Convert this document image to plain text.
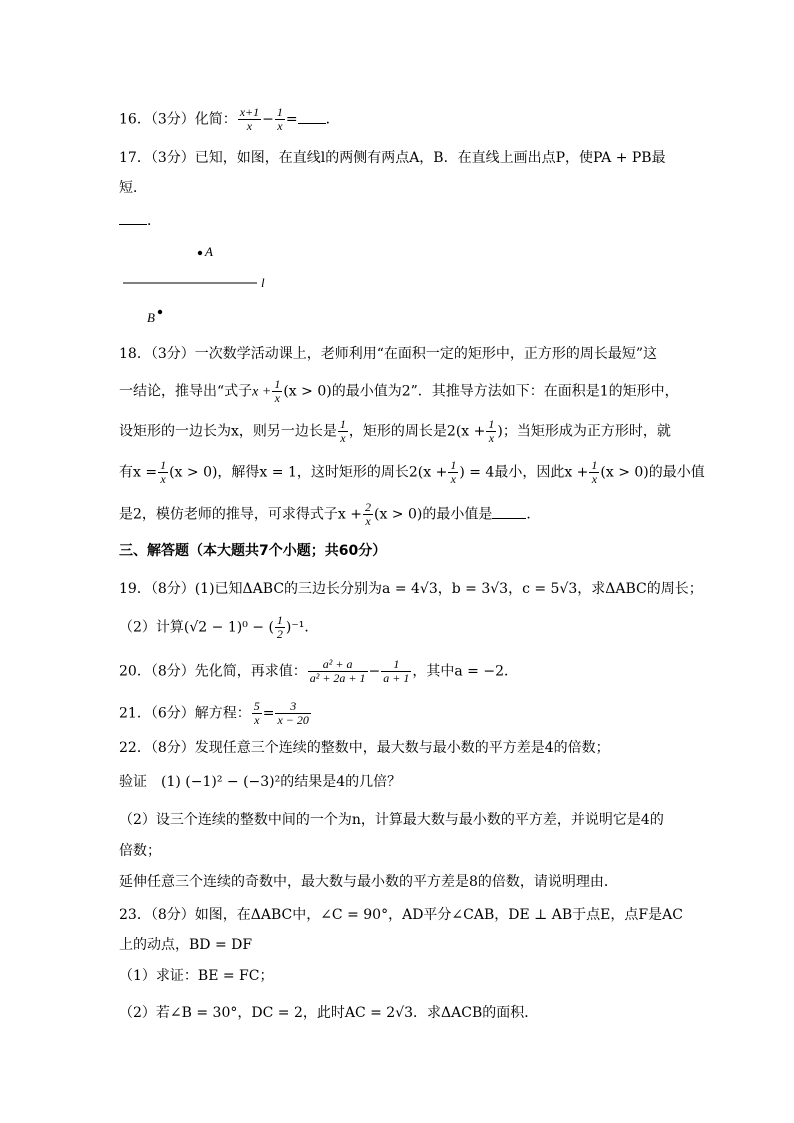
16．（3分）化简： $\frac{x+1}{x} - \frac{1}{x}$ = ．
17．（3分）已知，如图，在直线l的两侧有两点A，B．在直线上画出点P，使PA + PB最
短．
．
A
l
B
18．（3分）一次数学活动课上，老师利用“在面积一定的矩形中，正方形的周长最短”这
一结论，推导出“式子$x + \frac{1}{x} (x > 0)$的最小值为2”．其推导方法如下：在面积是1的矩形中，
设矩形的一边长为x，则另一边长是 $\frac{1}{x}$ ，矩形的周长是$2(x + \frac{1}{x}$ )；当矩形成为正方形时，就
有$x = \frac{1}{x} (x > 0)$，解得x = 1，这时矩形的周长$2(x + \frac{1}{x}$ ) = 4最小，因此$x + \frac{1}{x} (x > 0)$的最小值
是2，模仿老师的推导，可求得式子$x + \frac{2}{x} (x > 0)$的最小值是 ．
三、解答题（本大题共7个小题；共60分）
19．（8分）(1)已知ΔABC的三边长分别为a = 4√3，b = 3√3，c = 5√3，求ΔABC的周长；
（2）计算(√2 − 1)⁰ − ( $\frac{1}{2} )^{-1}$．
20．（8分）先化简，再求值： $\frac{\text{a² + a}}{\text{a² + 2a + 1}} - \frac{1}{a + 1}$ ，其中a = −2．
21．（6分）解方程： $\frac{5}{x} = \frac{3}{x - 20}$
22．（8分）发现任意三个连续的整数中，最大数与最小数的平方差是4的倍数；
验证　(1) (−1)² − (−3)²的结果是4的几倍？
（2）设三个连续的整数中间的一个为n，计算最大数与最小数的平方差，并说明它是4的
倍数；
延伸任意三个连续的奇数中，最大数与最小数的平方差是8的倍数，请说明理由．
23．（8分）如图，在ΔABC中，∠C = 90°，AD平分∠CAB，DE ⊥ AB于点E，点F是AC
上的动点，BD = DF
（1）求证：BE = FC；
（2）若∠B = 30°，DC = 2，此时AC = 2√3．求ΔACB的面积．
